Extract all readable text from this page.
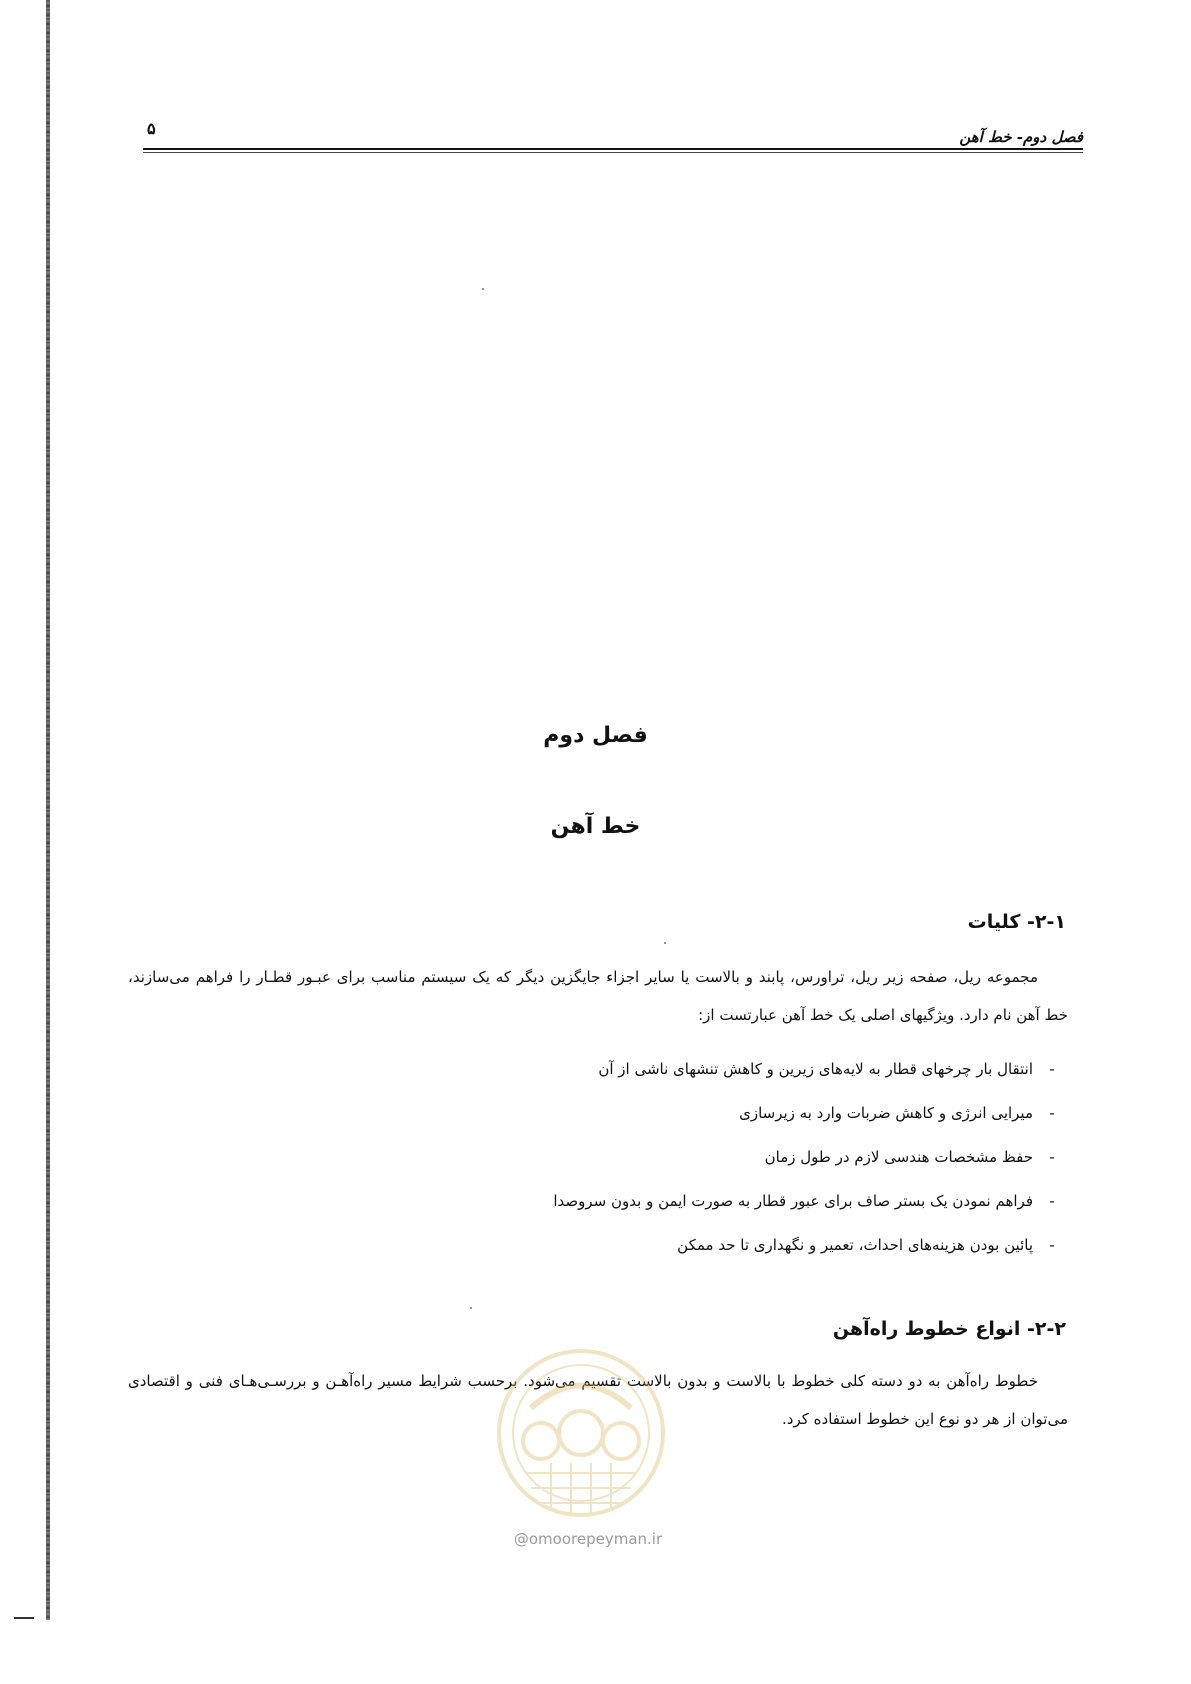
فصل دوم- خط آهن
۵
فصل دوم
خط آهن
۲-۱- کلیات
مجموعه ریل، صفحه زیر ریل، تراورس، پابند و بالاست یا سایر اجزاء جایگزین دیگر که یک سیستم مناسب برای عبـور قطـار را فراهم می‌سازند، خط آهن نام دارد. ویژگیهای اصلی یک خط آهن عبارتست از:
-انتقال بار چرخهای قطار به لایه‌های زیرین و کاهش تنشهای ناشی از آن
-میرایی انرژی و کاهش ضربات وارد به زیرسازی
-حفظ مشخصات هندسی لازم در طول زمان
-فراهم نمودن یک بستر صاف برای عبور قطار به صورت ایمن و بدون سروصدا
-پائین بودن هزینه‌های احداث، تعمیر و نگهداری تا حد ممکن
۲-۲- انواع خطوط راه‌آهن
خطوط راه‌آهن به دو دسته کلی خطوط با بالاست و بدون بالاست تقسیم می‌شود. برحسب شرایط مسیر راه‌آهـن و بررسـی‌هـای فنی و اقتصادی می‌توان از هر دو نوع این خطوط استفاده کرد.
@omoorepeyman.ir
